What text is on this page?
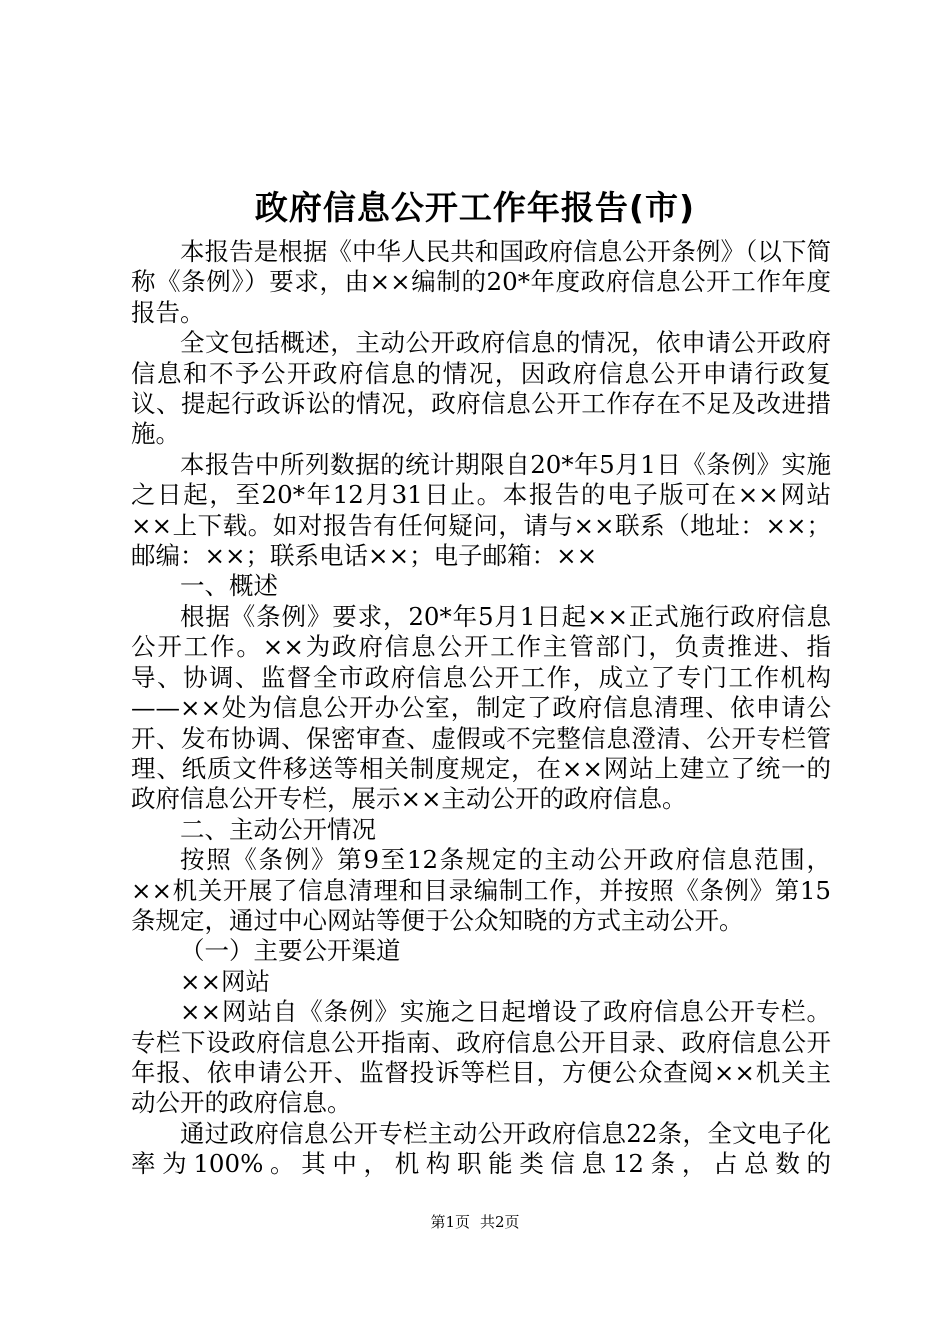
政府信息公开工作年报告(市)

本报告是根据《中华人民共和国政府信息公开条例》（以下简称《条例》）要求，由××编制的20*年度政府信息公开工作年度报告。

全文包括概述，主动公开政府信息的情况，依申请公开政府信息和不予公开政府信息的情况，因政府信息公开申请行政复议、提起行政诉讼的情况，政府信息公开工作存在不足及改进措施。

本报告中所列数据的统计期限自20*年5月1日《条例》实施之日起，至20*年12月31日止。本报告的电子版可在××网站××上下载。如对报告有任何疑问，请与××联系（地址：××；邮编：××；联系电话××；电子邮箱：××

一、概述

根据《条例》要求，20*年5月1日起××正式施行政府信息公开工作。××为政府信息公开工作主管部门，负责推进、指导、协调、监督全市政府信息公开工作，成立了专门工作机构——××处为信息公开办公室，制定了政府信息清理、依申请公开、发布协调、保密审查、虚假或不完整信息澄清、公开专栏管理、纸质文件移送等相关制度规定，在××网站上建立了统一的政府信息公开专栏，展示××主动公开的政府信息。

二、主动公开情况

按照《条例》第9至12条规定的主动公开政府信息范围，××机关开展了信息清理和目录编制工作，并按照《条例》第15条规定，通过中心网站等便于公众知晓的方式主动公开。

（一）主要公开渠道

××网站

××网站自《条例》实施之日起增设了政府信息公开专栏。专栏下设政府信息公开指南、政府信息公开目录、政府信息公开年报、依申请公开、监督投诉等栏目，方便公众查阅××机关主动公开的政府信息。

通过政府信息公开专栏主动公开政府信息22条，全文电子化率为100%。其中，机构职能类信息12条，占总数的

第1页 共2页
